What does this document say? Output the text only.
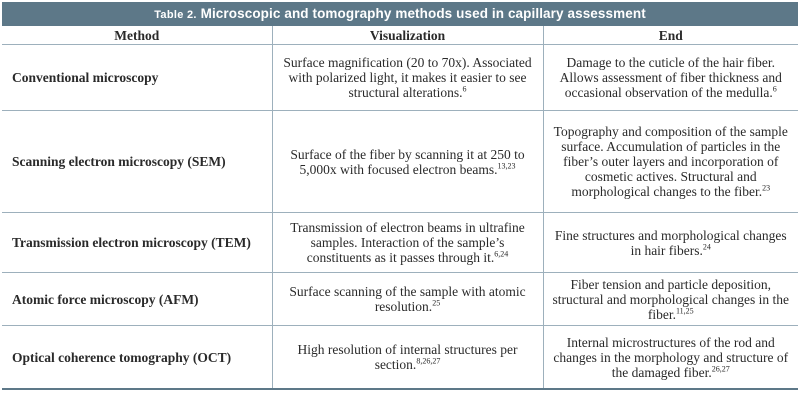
Table 2. Microscopic and tomography methods used in capillary assessment
Method	Visualization	End
Conventional microscopy	Surface magnification (20 to 70x). Associated with polarized light, it makes it easier to see structural alterations.$^6$	Damage to the cuticle of the hair fiber. Allows assessment of fiber thickness and occasional observation of the medulla.$^6$
Scanning electron microscopy (SEM)	Surface of the fiber by scanning it at 250 to 5,000x with focused electron beams.$^{13,23}$	Topography and composition of the sample surface. Accumulation of particles in the fiber’s outer layers and incorporation of cosmetic actives. Structural and morphological changes to the fiber.$^{23}$
Transmission electron microscopy (TEM)	Transmission of electron beams in ultrafine samples. Interaction of the sample’s constituents as it passes through it.$^{6,24}$	Fine structures and morphological changes in hair fibers.$^{24}$
Atomic force microscopy (AFM)	Surface scanning of the sample with atomic resolution.$^{25}$	Fiber tension and particle deposition, structural and morphological changes in the fiber.$^{11,25}$
Optical coherence tomography (OCT)	High resolution of internal structures per section.$^{8,26,27}$	Internal microstructures of the rod and changes in the morphology and structure of the damaged fiber.$^{26,27}$
